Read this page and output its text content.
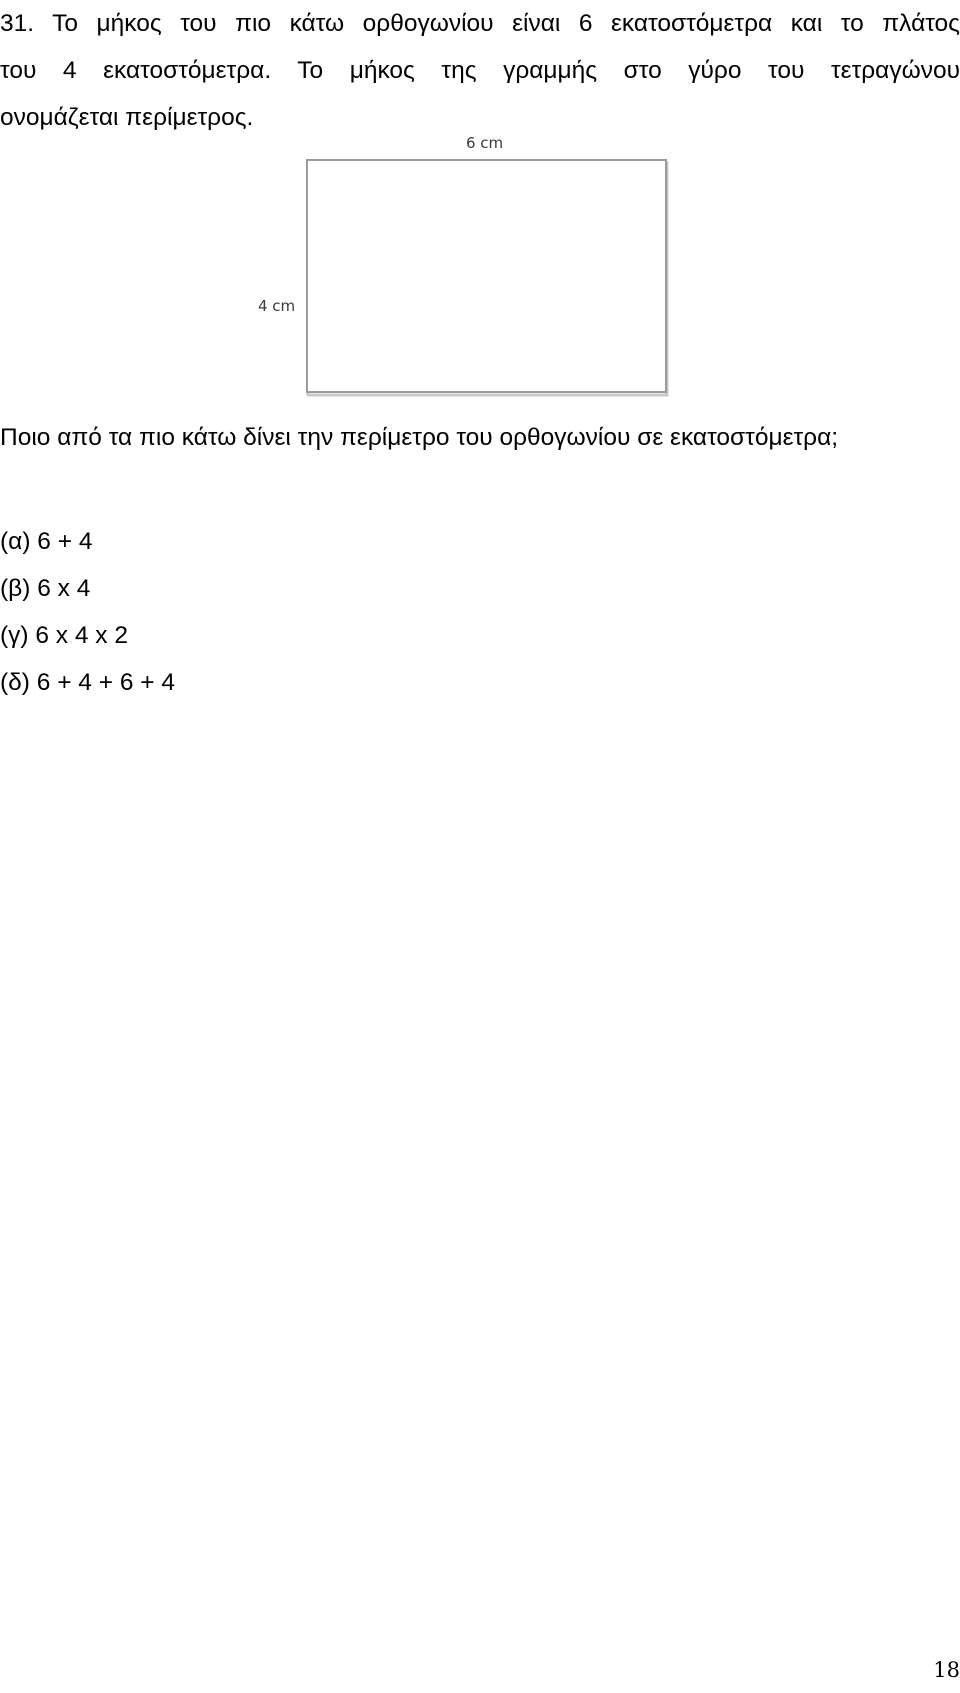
31. Το μήκος του πιο κάτω ορθογωνίου είναι 6 εκατοστόμετρα και το πλάτος
του 4 εκατοστόμετρα. Το μήκος της γραμμής στο γύρο του τετραγώνου
ονομάζεται περίμετρος.
6 cm
4 cm

Ποιο από τα πιο κάτω δίνει την περίμετρο του ορθογωνίου σε εκατοστόμετρα;

(α) 6 + 4
(β) 6 x 4
(γ) 6 x 4 x 2
(δ) 6 + 4 + 6 + 4
18
